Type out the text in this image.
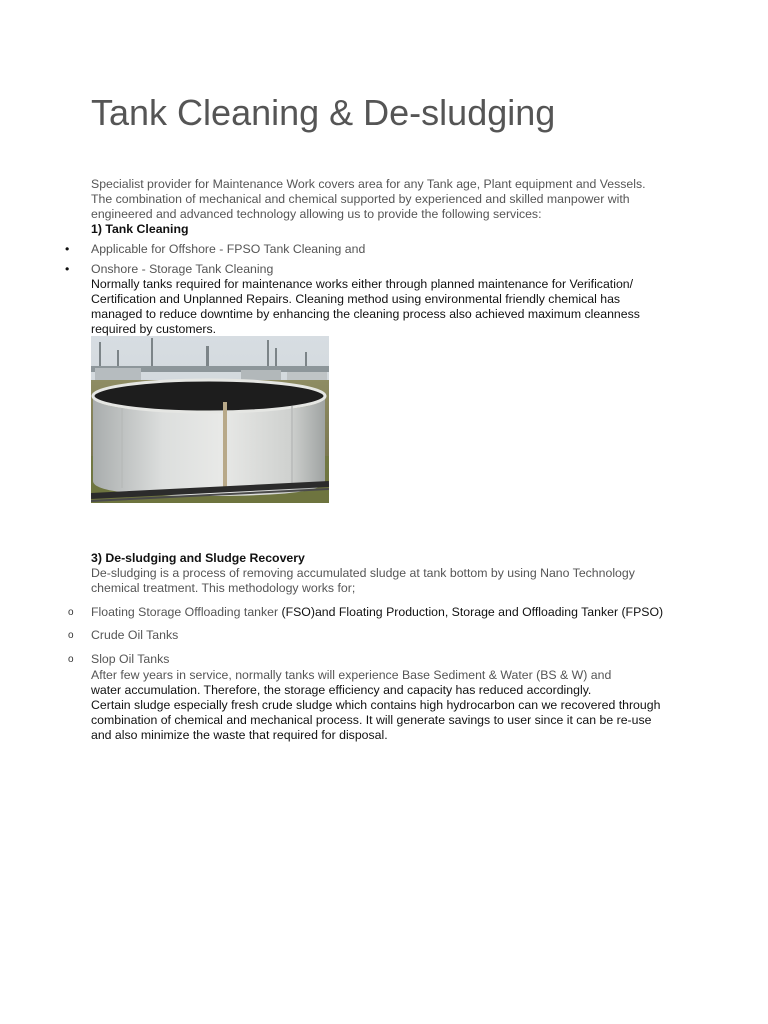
Tank Cleaning & De-sludging
Specialist provider for Maintenance Work covers area for any Tank age, Plant equipment and Vessels.
The combination of mechanical and chemical supported by experienced and skilled manpower with
engineered and advanced technology allowing us to provide the following services:
1) Tank Cleaning
• Applicable for Offshore - FPSO Tank Cleaning and
• Onshore - Storage Tank Cleaning
Normally tanks required for maintenance works either through planned maintenance for Verification/
Certification and Unplanned Repairs. Cleaning method using environmental friendly chemical has
managed to reduce downtime by enhancing the cleaning process also achieved maximum cleanness
required by customers.
3) De-sludging and Sludge Recovery
De-sludging is a process of removing accumulated sludge at tank bottom by using Nano Technology
chemical treatment. This methodology works for;
o Floating Storage Offloading tanker (FSO)and Floating Production, Storage and Offloading Tanker (FPSO)
o Crude Oil Tanks
o Slop Oil Tanks
After few years in service, normally tanks will experience Base Sediment & Water (BS & W) and
water accumulation. Therefore, the storage efficiency and capacity has reduced accordingly.
Certain sludge especially fresh crude sludge which contains high hydrocarbon can we recovered through
combination of chemical and mechanical process. It will generate savings to user since it can be re-use
and also minimize the waste that required for disposal.
